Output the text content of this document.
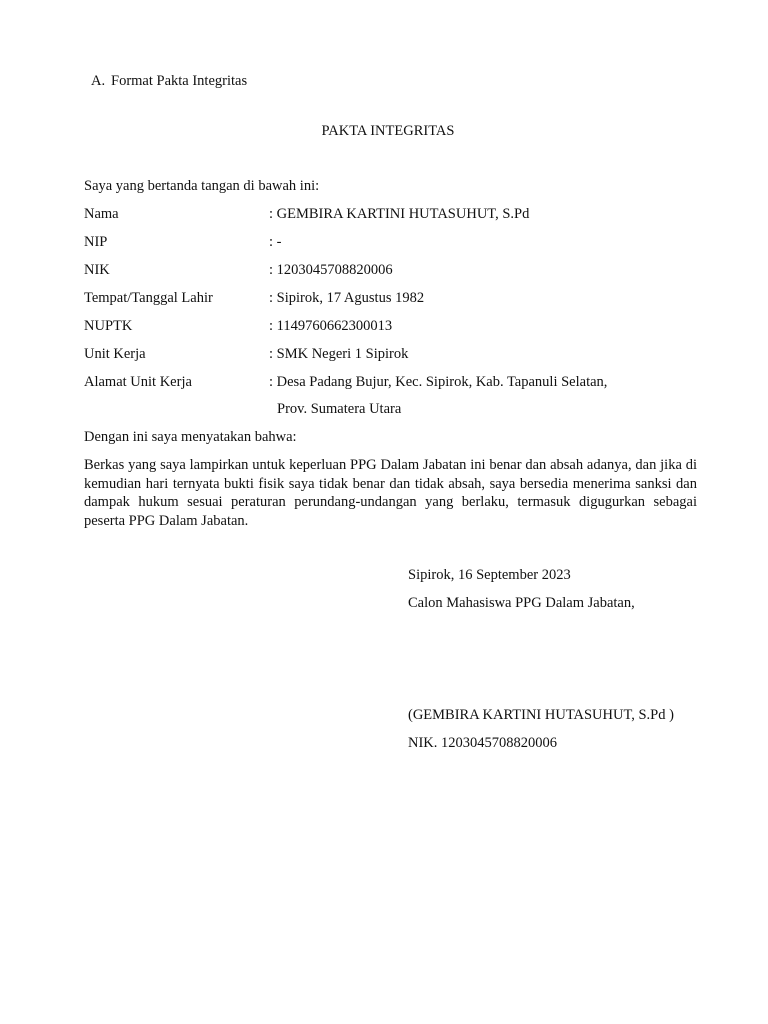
A. Format Pakta Integritas
PAKTA INTEGRITAS
Saya yang bertanda tangan di bawah ini:
Nama	: GEMBIRA KARTINI HUTASUHUT, S.Pd
NIP	: -
NIK	: 1203045708820006
Tempat/Tanggal Lahir	: Sipirok, 17 Agustus 1982
NUPTK	: 1149760662300013
Unit Kerja	: SMK Negeri 1 Sipirok
Alamat Unit Kerja	: Desa Padang Bujur, Kec. Sipirok, Kab. Tapanuli Selatan,
Prov. Sumatera Utara
Dengan ini saya menyatakan bahwa:
Berkas yang saya lampirkan untuk keperluan PPG Dalam Jabatan ini benar dan absah adanya, dan jika di kemudian hari ternyata bukti fisik saya tidak benar dan tidak absah, saya bersedia menerima sanksi dan dampak hukum sesuai peraturan perundang-undangan yang berlaku, termasuk digugurkan sebagai peserta PPG Dalam Jabatan.
Sipirok, 16 September 2023
Calon Mahasiswa PPG Dalam Jabatan,
(GEMBIRA KARTINI HUTASUHUT, S.Pd )
NIK. 1203045708820006
